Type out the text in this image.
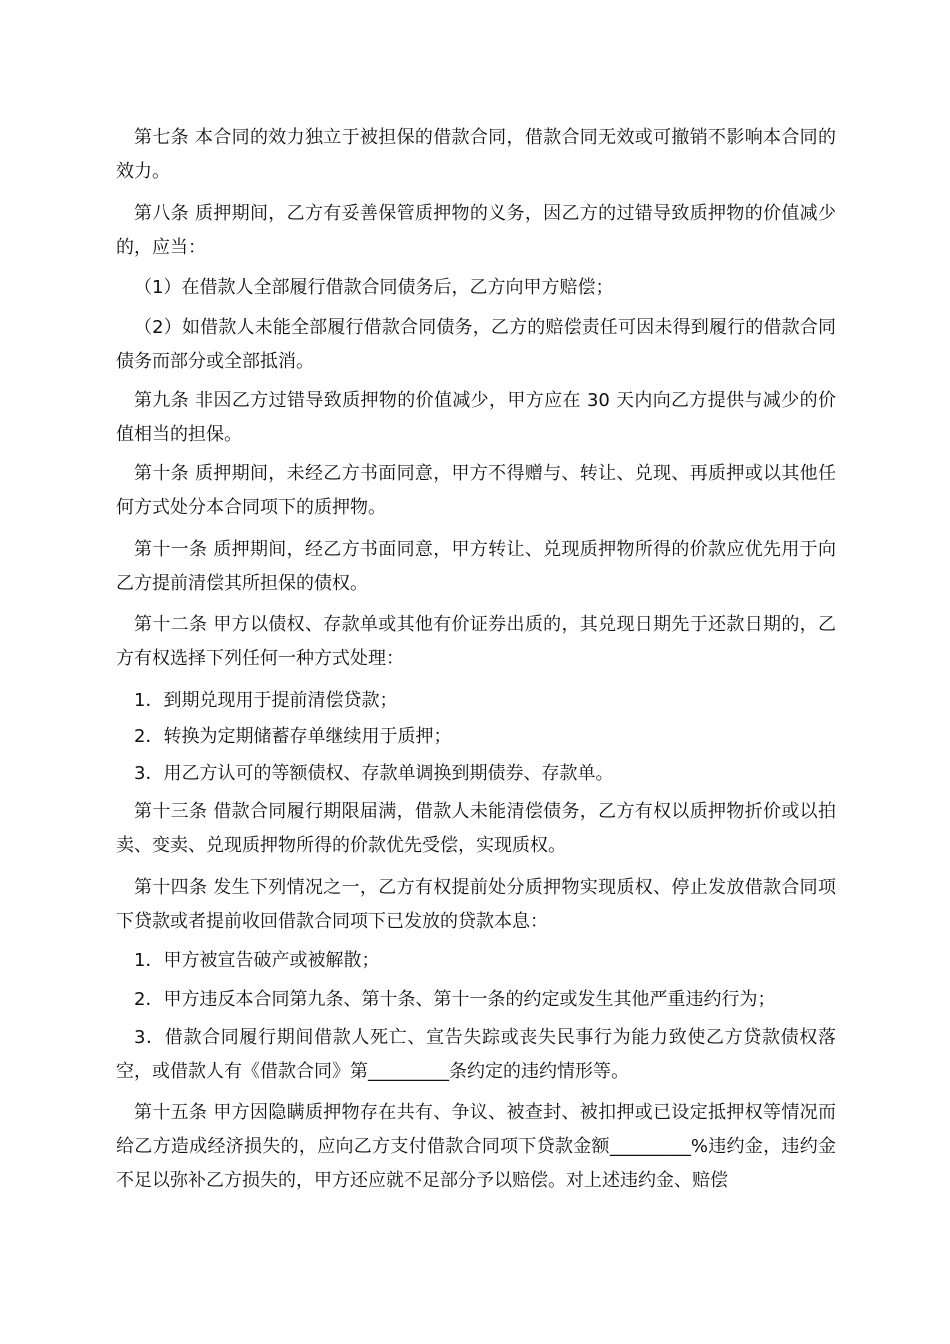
第七条 本合同的效力独立于被担保的借款合同，借款合同无效或可撤销不影响本合同的效力。

第八条 质押期间，乙方有妥善保管质押物的义务，因乙方的过错导致质押物的价值减少的，应当：

（1）在借款人全部履行借款合同债务后，乙方向甲方赔偿；

（2）如借款人未能全部履行借款合同债务，乙方的赔偿责任可因未得到履行的借款合同债务而部分或全部抵消。

第九条 非因乙方过错导致质押物的价值减少，甲方应在 30 天内向乙方提供与减少的价值相当的担保。

第十条 质押期间，未经乙方书面同意，甲方不得赠与、转让、兑现、再质押或以其他任何方式处分本合同项下的质押物。

第十一条 质押期间，经乙方书面同意，甲方转让、兑现质押物所得的价款应优先用于向乙方提前清偿其所担保的债权。

第十二条 甲方以债权、存款单或其他有价证券出质的，其兑现日期先于还款日期的，乙方有权选择下列任何一种方式处理：

1．到期兑现用于提前清偿贷款；

2．转换为定期储蓄存单继续用于质押；

3．用乙方认可的等额债权、存款单调换到期债券、存款单。

第十三条 借款合同履行期限届满，借款人未能清偿债务，乙方有权以质押物折价或以拍卖、变卖、兑现质押物所得的价款优先受偿，实现质权。

第十四条 发生下列情况之一，乙方有权提前处分质押物实现质权、停止发放借款合同项下贷款或者提前收回借款合同项下已发放的贷款本息：

1．甲方被宣告破产或被解散；

2．甲方违反本合同第九条、第十条、第十一条的约定或发生其他严重违约行为；

3．借款合同履行期间借款人死亡、宣告失踪或丧失民事行为能力致使乙方贷款债权落空，或借款人有《借款合同》第_________条约定的违约情形等。

第十五条 甲方因隐瞒质押物存在共有、争议、被查封、被扣押或已设定抵押权等情况而给乙方造成经济损失的，应向乙方支付借款合同项下贷款金额_________%违约金，违约金不足以弥补乙方损失的，甲方还应就不足部分予以赔偿。对上述违约金、赔偿
